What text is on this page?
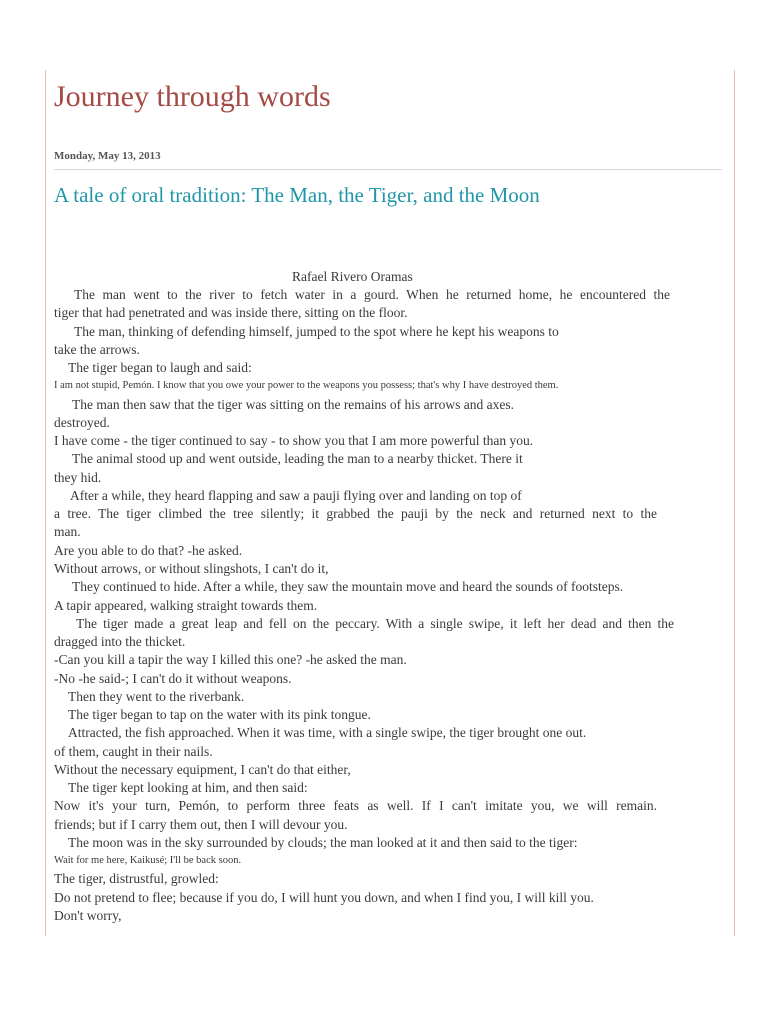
Journey through words
Monday, May 13, 2013
A tale of oral tradition: The Man, the Tiger, and the Moon
Rafael Rivero Oramas
The man went to the river to fetch water in a gourd. When he returned home, he encountered the
tiger that had penetrated and was inside there, sitting on the floor.
The man, thinking of defending himself, jumped to the spot where he kept his weapons to
take the arrows.
The tiger began to laugh and said:
I am not stupid, Pemón. I know that you owe your power to the weapons you possess; that's why I have destroyed them.
The man then saw that the tiger was sitting on the remains of his arrows and axes.
destroyed.
I have come - the tiger continued to say - to show you that I am more powerful than you.
The animal stood up and went outside, leading the man to a nearby thicket. There it
they hid.
After a while, they heard flapping and saw a pauji flying over and landing on top of
a tree. The tiger climbed the tree silently; it grabbed the pauji by the neck and returned next to the
man.
Are you able to do that? -he asked.
Without arrows, or without slingshots, I can't do it,
They continued to hide. After a while, they saw the mountain move and heard the sounds of footsteps.
A tapir appeared, walking straight towards them.
The tiger made a great leap and fell on the peccary. With a single swipe, it left her dead and then the
dragged into the thicket.
-Can you kill a tapir the way I killed this one? -he asked the man.
-No -he said-; I can't do it without weapons.
Then they went to the riverbank.
The tiger began to tap on the water with its pink tongue.
Attracted, the fish approached. When it was time, with a single swipe, the tiger brought one out.
of them, caught in their nails.
Without the necessary equipment, I can't do that either,
The tiger kept looking at him, and then said:
Now it's your turn, Pemón, to perform three feats as well. If I can't imitate you, we will remain.
friends; but if I carry them out, then I will devour you.
The moon was in the sky surrounded by clouds; the man looked at it and then said to the tiger:
Wait for me here, Kaikusé; I'll be back soon.
The tiger, distrustful, growled:
Do not pretend to flee; because if you do, I will hunt you down, and when I find you, I will kill you.
Don't worry,
